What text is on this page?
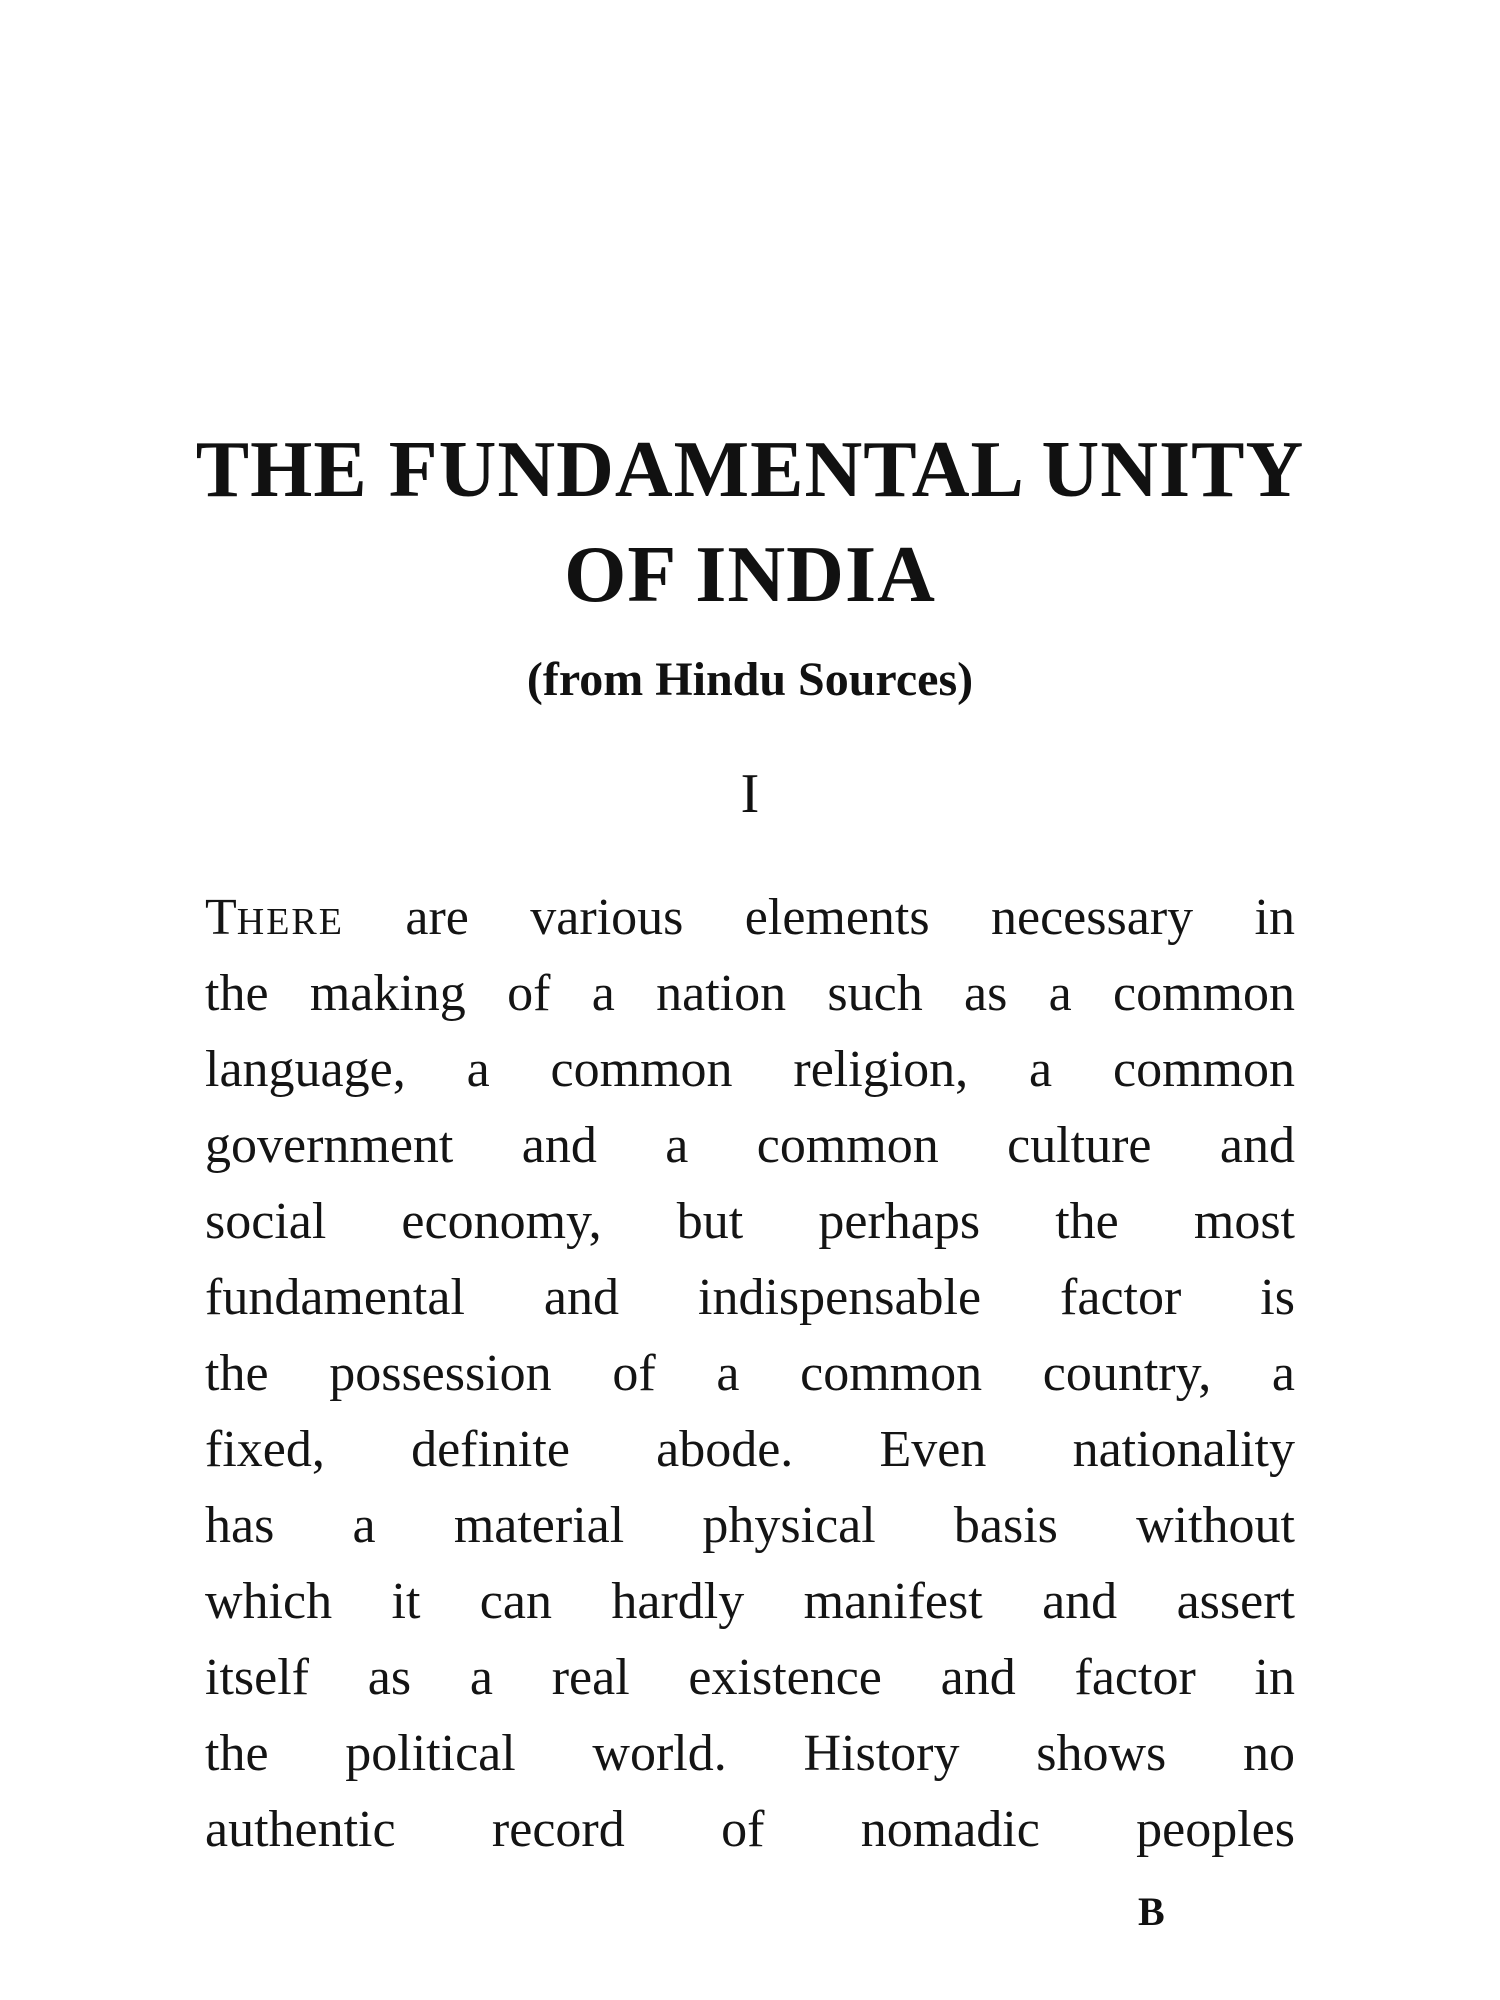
THE FUNDAMENTAL UNITY
OF INDIA

(from Hindu Sources)

I

THERE are various elements necessary in
the making of a nation such as a common
language, a common religion, a common
government and a common culture and
social economy, but perhaps the most
fundamental and indispensable factor is
the possession of a common country, a
fixed, definite abode. Even nationality
has a material physical basis without
which it can hardly manifest and assert
itself as a real existence and factor in
the political world. History shows no
authentic record of nomadic peoples

B
